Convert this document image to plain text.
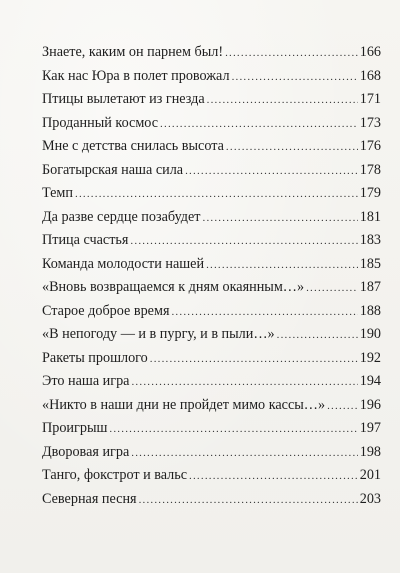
Знаете, каким он парнем был! .....	166
Как нас Юра в полет провожал .....	168
Птицы вылетают из гнезда .....	171
Проданный космос .....	173
Мне с детства снилась высота .....	176
Богатырская наша сила .....	178
Темп .....	179
Да разве сердце позабудет .....	181
Птица счастья .....	183
Команда молодости нашей .....	185
«Вновь возвращаемся к дням окаянным…» .....	187
Старое доброе время .....	188
«В непогоду — и в пургу, и в пыли…» .....	190
Ракеты прошлого .....	192
Это наша игра .....	194
«Никто в наши дни не пройдет мимо кассы…» ..... 196
Проигрыш .....	197
Дворовая игра .....	198
Танго, фокстрот и вальс .....	201
Северная песня .....	203
